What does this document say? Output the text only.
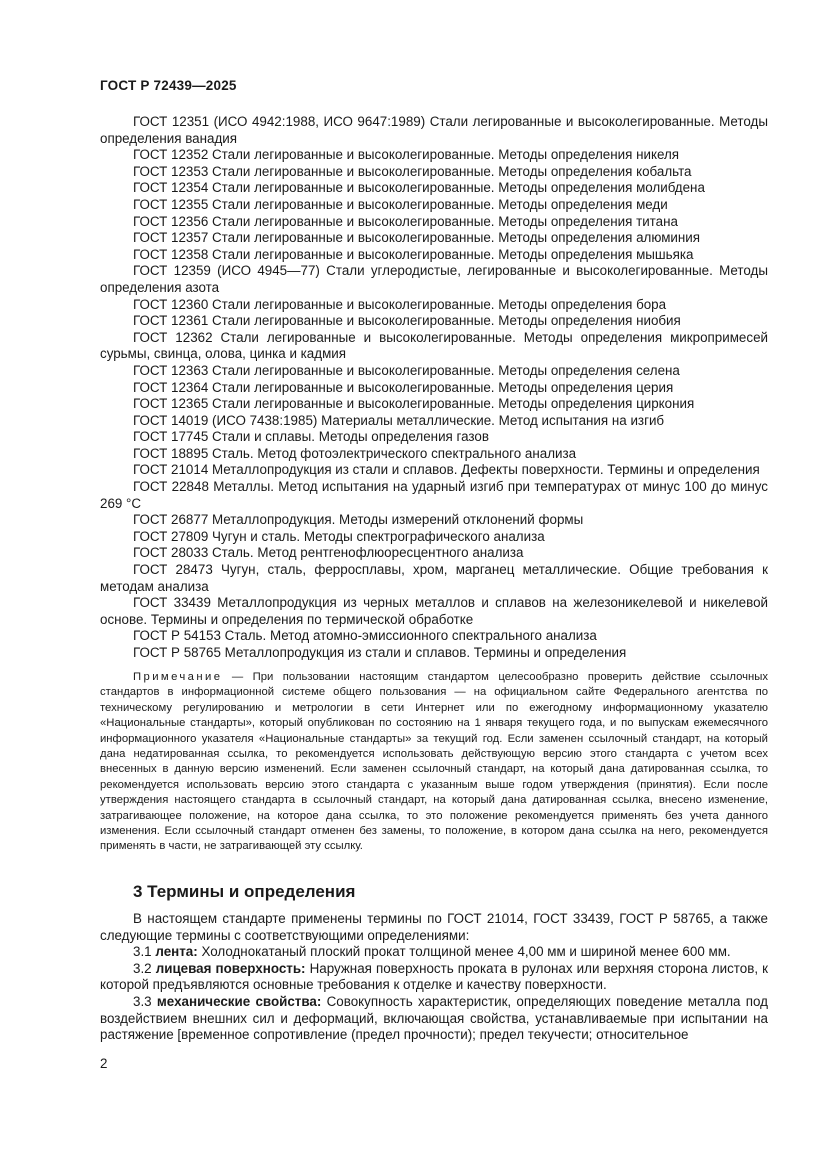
ГОСТ Р 72439—2025

ГОСТ 12351 (ИСО 4942:1988, ИСО 9647:1989) Стали легированные и высоколегированные. Методы определения ванадия

ГОСТ 12352 Стали легированные и высоколегированные. Методы определения никеля

ГОСТ 12353 Стали легированные и высоколегированные. Методы определения кобальта

ГОСТ 12354 Стали легированные и высоколегированные. Методы определения молибдена

ГОСТ 12355 Стали легированные и высоколегированные. Методы определения меди

ГОСТ 12356 Стали легированные и высоколегированные. Методы определения титана

ГОСТ 12357 Стали легированные и высоколегированные. Методы определения алюминия

ГОСТ 12358 Стали легированные и высоколегированные. Методы определения мышьяка

ГОСТ 12359 (ИСО 4945—77) Стали углеродистые, легированные и высоколегированные. Методы определения азота

ГОСТ 12360 Стали легированные и высоколегированные. Методы определения бора

ГОСТ 12361 Стали легированные и высоколегированные. Методы определения ниобия

ГОСТ 12362 Стали легированные и высоколегированные. Методы определения микропримесей сурьмы, свинца, олова, цинка и кадмия

ГОСТ 12363 Стали легированные и высоколегированные. Методы определения селена

ГОСТ 12364 Стали легированные и высоколегированные. Методы определения церия

ГОСТ 12365 Стали легированные и высоколегированные. Методы определения циркония

ГОСТ 14019 (ИСО 7438:1985) Материалы металлические. Метод испытания на изгиб

ГОСТ 17745 Стали и сплавы. Методы определения газов

ГОСТ 18895 Сталь. Метод фотоэлектрического спектрального анализа

ГОСТ 21014 Металлопродукция из стали и сплавов. Дефекты поверхности. Термины и определения

ГОСТ 22848 Металлы. Метод испытания на ударный изгиб при температурах от минус 100 до минус 269 °С

ГОСТ 26877 Металлопродукция. Методы измерений отклонений формы

ГОСТ 27809 Чугун и сталь. Методы спектрографического анализа

ГОСТ 28033 Сталь. Метод рентгенофлюоресцентного анализа

ГОСТ 28473 Чугун, сталь, ферросплавы, хром, марганец металлические. Общие требования к методам анализа

ГОСТ 33439 Металлопродукция из черных металлов и сплавов на железоникелевой и никелевой основе. Термины и определения по термической обработке

ГОСТ Р 54153 Сталь. Метод атомно-эмиссионного спектрального анализа

ГОСТ Р 58765 Металлопродукция из стали и сплавов. Термины и определения

Примечание — При пользовании настоящим стандартом целесообразно проверить действие ссылочных стандартов в информационной системе общего пользования — на официальном сайте Федерального агентства по техническому регулированию и метрологии в сети Интернет или по ежегодному информационному указателю «Национальные стандарты», который опубликован по состоянию на 1 января текущего года, и по выпускам ежемесячного информационного указателя «Национальные стандарты» за текущий год. Если заменен ссылочный стандарт, на который дана недатированная ссылка, то рекомендуется использовать действующую версию этого стандарта с учетом всех внесенных в данную версию изменений. Если заменен ссылочный стандарт, на который дана датированная ссылка, то рекомендуется использовать версию этого стандарта с указанным выше годом утверждения (принятия). Если после утверждения настоящего стандарта в ссылочный стандарт, на который дана датированная ссылка, внесено изменение, затрагивающее положение, на которое дана ссылка, то это положение рекомендуется применять без учета данного изменения. Если ссылочный стандарт отменен без замены, то положение, в котором дана ссылка на него, рекомендуется применять в части, не затрагивающей эту ссылку.

3 Термины и определения

В настоящем стандарте применены термины по ГОСТ 21014, ГОСТ 33439, ГОСТ Р 58765, а также следующие термины с соответствующими определениями:

3.1 лента: Холоднокатаный плоский прокат толщиной менее 4,00 мм и шириной менее 600 мм.

3.2 лицевая поверхность: Наружная поверхность проката в рулонах или верхняя сторона листов, к которой предъявляются основные требования к отделке и качеству поверхности.

3.3 механические свойства: Совокупность характеристик, определяющих поведение металла под воздействием внешних сил и деформаций, включающая свойства, устанавливаемые при испытании на растяжение [временное сопротивление (предел прочности); предел текучести; относительное

2
